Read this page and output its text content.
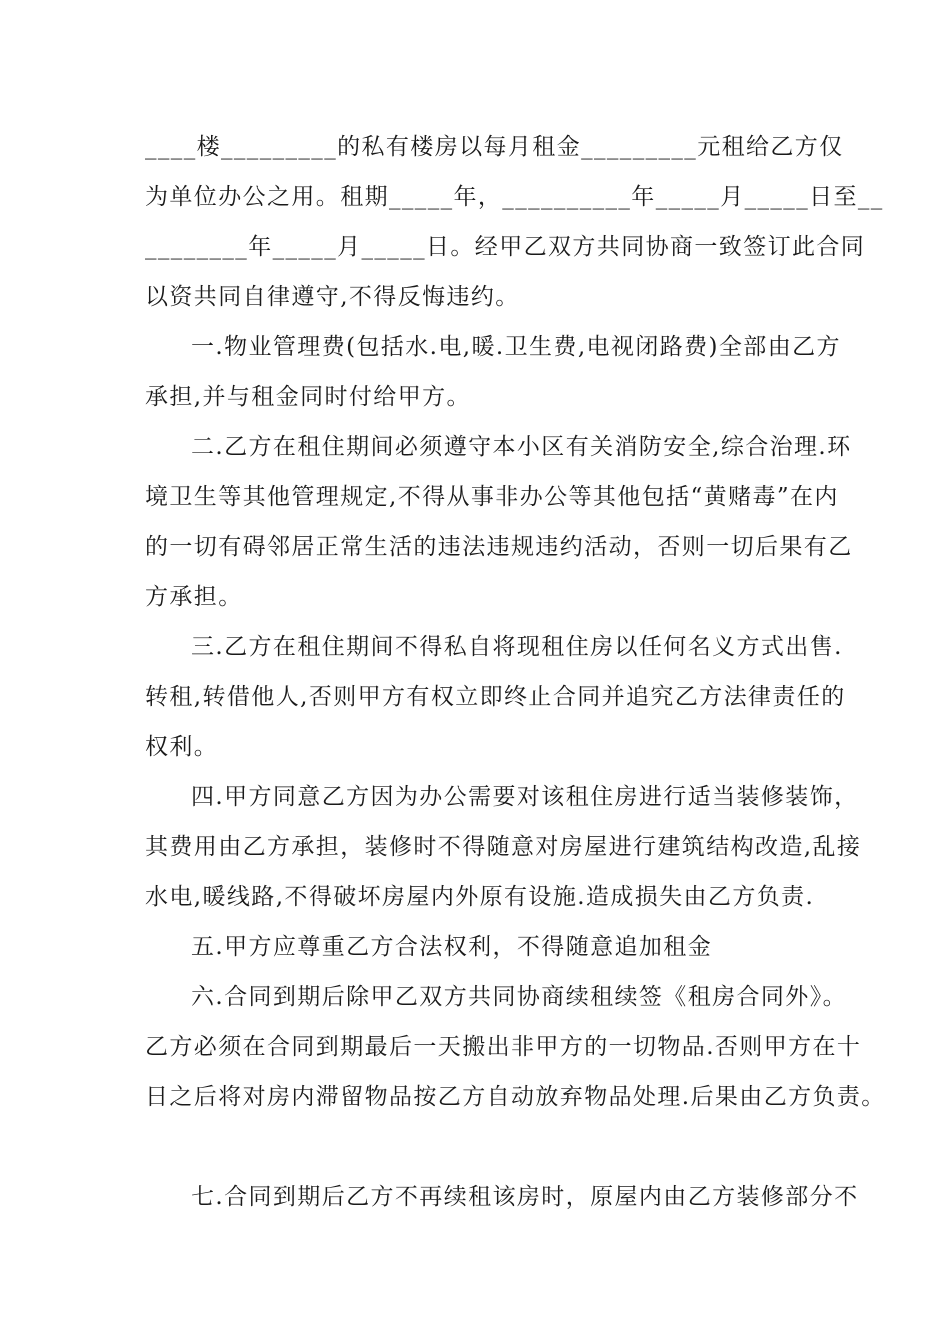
____楼_________的私有楼房以每月租金_________元租给乙方仅
为单位办公之用。租期_____年，__________年_____月_____日至__
________年_____月_____日。经甲乙双方共同协商一致签订此合同
以资共同自律遵守,不得反悔违约。
一.物业管理费(包括水.电,暖.卫生费,电视闭路费)全部由乙方
承担,并与租金同时付给甲方。
二.乙方在租住期间必须遵守本小区有关消防安全,综合治理.环
境卫生等其他管理规定,不得从事非办公等其他包括“黄赌毒”在内
的一切有碍邻居正常生活的违法违规违约活动，否则一切后果有乙
方承担。
三.乙方在租住期间不得私自将现租住房以任何名义方式出售.
转租,转借他人,否则甲方有权立即终止合同并追究乙方法律责任的
权利。
四.甲方同意乙方因为办公需要对该租住房进行适当装修装饰，
其费用由乙方承担，装修时不得随意对房屋进行建筑结构改造,乱接
水电,暖线路,不得破坏房屋内外原有设施.造成损失由乙方负责.
五.甲方应尊重乙方合法权利，不得随意追加租金
六.合同到期后除甲乙双方共同协商续租续签《租房合同外》。
乙方必须在合同到期最后一天搬出非甲方的一切物品.否则甲方在十
日之后将对房内滞留物品按乙方自动放弃物品处理.后果由乙方负责。
七.合同到期后乙方不再续租该房时，原屋内由乙方装修部分不
